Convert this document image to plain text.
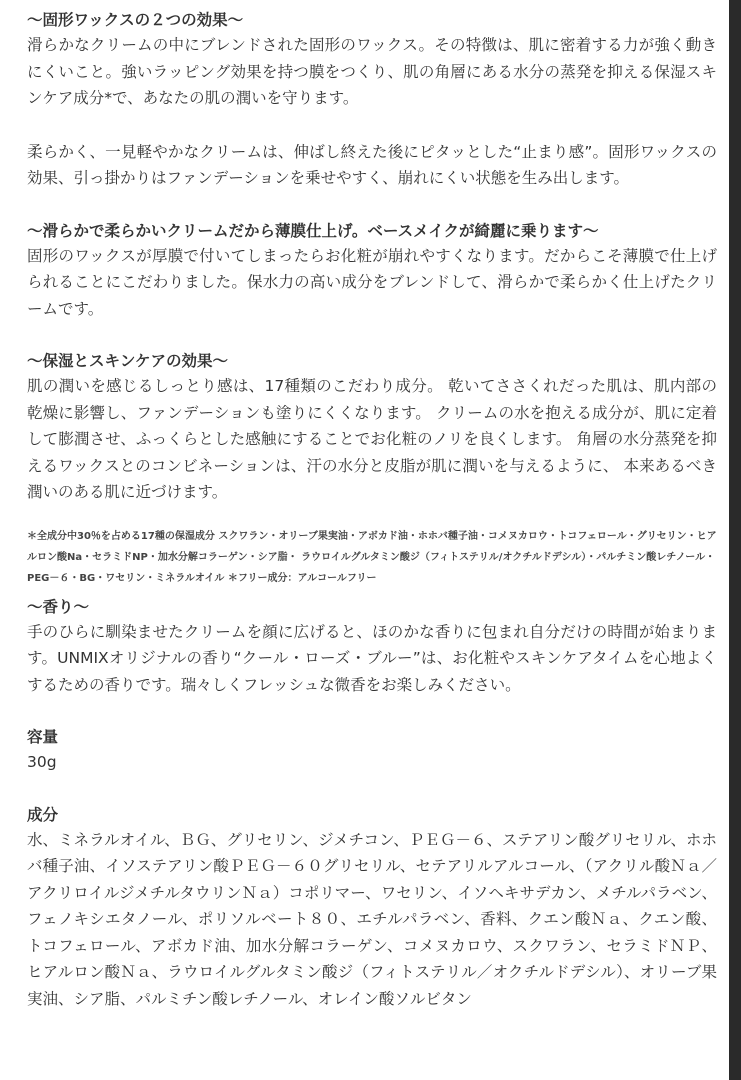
〜固形ワックスの２つの効果〜
滑らかなクリームの中にブレンドされた固形のワックス。その特徴は、肌に密着する力が強く動きにくいこと。強いラッピング効果を持つ膜をつくり、肌の角層にある水分の蒸発を抑える保湿スキンケア成分*で、あなたの肌の潤いを守ります。
柔らかく、一見軽やかなクリームは、伸ばし終えた後にピタッとした“止まり感”。固形ワックスの効果、引っ掛かりはファンデーションを乗せやすく、崩れにくい状態を生み出します。
〜滑らかで柔らかいクリームだから薄膜仕上げ。ベースメイクが綺麗に乗ります〜
固形のワックスが厚膜で付いてしまったらお化粧が崩れやすくなります。だからこそ薄膜で仕上げられることにこだわりました。保水力の高い成分をブレンドして、滑らかで柔らかく仕上げたクリームです。
〜保湿とスキンケアの効果〜
肌の潤いを感じるしっとり感は、17種類のこだわり成分。 乾いてささくれだった肌は、肌内部の乾燥に影響し、ファンデーションも塗りにくくなります。 クリームの水を抱える成分が、肌に定着して膨潤させ、ふっくらとした感触にすることでお化粧のノリを良くします。 角層の水分蒸発を抑えるワックスとのコンビネーションは、汗の水分と皮脂が肌に潤いを与えるように、 本来あるべき潤いのある肌に近づけます。
＊全成分中30％を占める17種の保湿成分 スクワラン・オリーブ果実油・アボカド油・ホホバ種子油・コメヌカロウ・トコフェロール・グリセリン・ヒアルロン酸Na・セラミドNP・加水分解コラーゲン・シア脂・ ラウロイルグルタミン酸ジ（フィトステリル/オクチルドデシル）・パルチミン酸レチノール・PEG－６・BG・ワセリン・ミネラルオイル ＊フリー成分：アルコールフリー
〜香り〜
手のひらに馴染ませたクリームを顔に広げると、ほのかな香りに包まれ自分だけの時間が始まります。UNMIXオリジナルの香り“クール・ローズ・ブルー”は、お化粧やスキンケアタイムを心地よくするための香りです。瑞々しくフレッシュな微香をお楽しみください。
容量
30g
成分
水、ミネラルオイル、ＢＧ、グリセリン、ジメチコン、ＰＥＧ－６、ステアリン酸グリセリル、ホホバ種子油、イソステアリン酸ＰＥＧ－６０グリセリル、セテアリルアルコール、（アクリル酸Ｎａ／アクリロイルジメチルタウリンＮａ）コポリマー、ワセリン、イソヘキサデカン、メチルパラベン、フェノキシエタノール、ポリソルベート８０、エチルパラベン、香料、クエン酸Ｎａ、クエン酸、トコフェロール、アボカド油、加水分解コラーゲン、コメヌカロウ、スクワラン、セラミドＮＰ、ヒアルロン酸Ｎａ、ラウロイルグルタミン酸ジ（フィトステリル／オクチルドデシル）、オリーブ果実油、シア脂、パルミチン酸レチノール、オレイン酸ソルビタン
